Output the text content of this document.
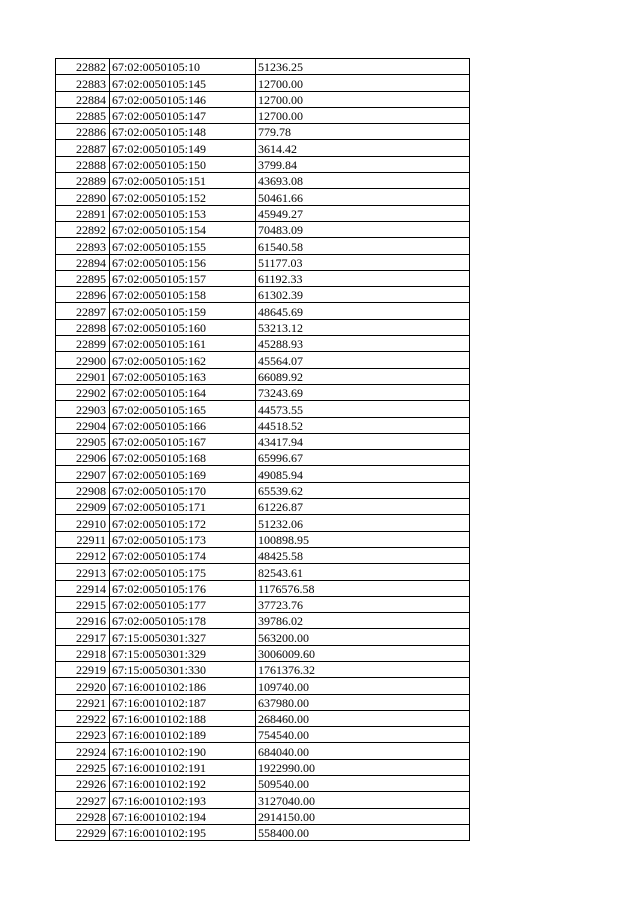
22882	67:02:0050105:10	51236.25
22883	67:02:0050105:145	12700.00
22884	67:02:0050105:146	12700.00
22885	67:02:0050105:147	12700.00
22886	67:02:0050105:148	779.78
22887	67:02:0050105:149	3614.42
22888	67:02:0050105:150	3799.84
22889	67:02:0050105:151	43693.08
22890	67:02:0050105:152	50461.66
22891	67:02:0050105:153	45949.27
22892	67:02:0050105:154	70483.09
22893	67:02:0050105:155	61540.58
22894	67:02:0050105:156	51177.03
22895	67:02:0050105:157	61192.33
22896	67:02:0050105:158	61302.39
22897	67:02:0050105:159	48645.69
22898	67:02:0050105:160	53213.12
22899	67:02:0050105:161	45288.93
22900	67:02:0050105:162	45564.07
22901	67:02:0050105:163	66089.92
22902	67:02:0050105:164	73243.69
22903	67:02:0050105:165	44573.55
22904	67:02:0050105:166	44518.52
22905	67:02:0050105:167	43417.94
22906	67:02:0050105:168	65996.67
22907	67:02:0050105:169	49085.94
22908	67:02:0050105:170	65539.62
22909	67:02:0050105:171	61226.87
22910	67:02:0050105:172	51232.06
22911	67:02:0050105:173	100898.95
22912	67:02:0050105:174	48425.58
22913	67:02:0050105:175	82543.61
22914	67:02:0050105:176	1176576.58
22915	67:02:0050105:177	37723.76
22916	67:02:0050105:178	39786.02
22917	67:15:0050301:327	563200.00
22918	67:15:0050301:329	3006009.60
22919	67:15:0050301:330	1761376.32
22920	67:16:0010102:186	109740.00
22921	67:16:0010102:187	637980.00
22922	67:16:0010102:188	268460.00
22923	67:16:0010102:189	754540.00
22924	67:16:0010102:190	684040.00
22925	67:16:0010102:191	1922990.00
22926	67:16:0010102:192	509540.00
22927	67:16:0010102:193	3127040.00
22928	67:16:0010102:194	2914150.00
22929	67:16:0010102:195	558400.00
